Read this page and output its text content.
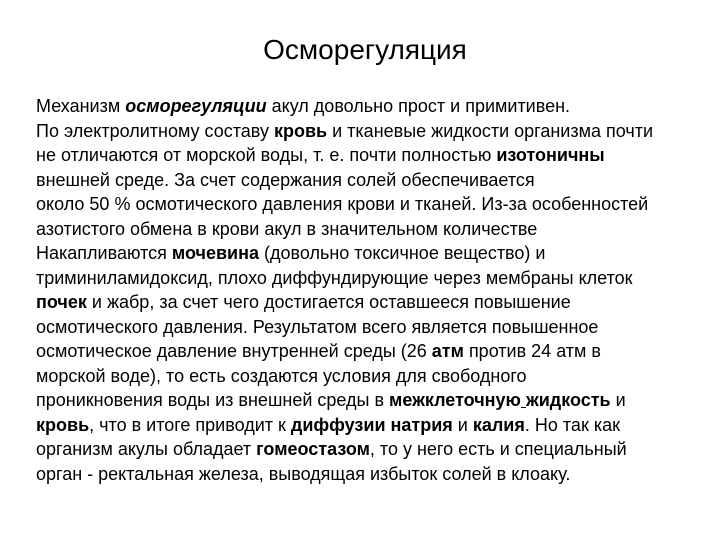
Осморегуляция
Механизм осморегуляции акул довольно прост и примитивен.
По электролитному составу кровь и тканевые жидкости организма почти
не отличаются от морской воды, т. е. почти полностью изотоничны
внешней среде. За счет содержания солей обеспечивается
около 50 % осмотического давления крови и тканей. Из-за особенностей
азотистого обмена в крови акул в значительном количестве
Накапливаются мочевина (довольно токсичное вещество) и
триминиламидоксид, плохо диффундирующие через мембраны клеток
почек и жабр, за счет чего достигается оставшееся повышение
осмотического давления. Результатом всего является повышенное
осмотическое давление внутренней среды (26 атм против 24 атм в
морской воде), то есть создаются условия для свободного
проникновения воды из внешней среды в межклеточную жидкость и
кровь, что в итоге приводит к диффузии натрия и калия. Но так как
организм акулы обладает гомеостазом, то у него есть и специальный
орган - ректальная железа, выводящая избыток солей в клоаку.
